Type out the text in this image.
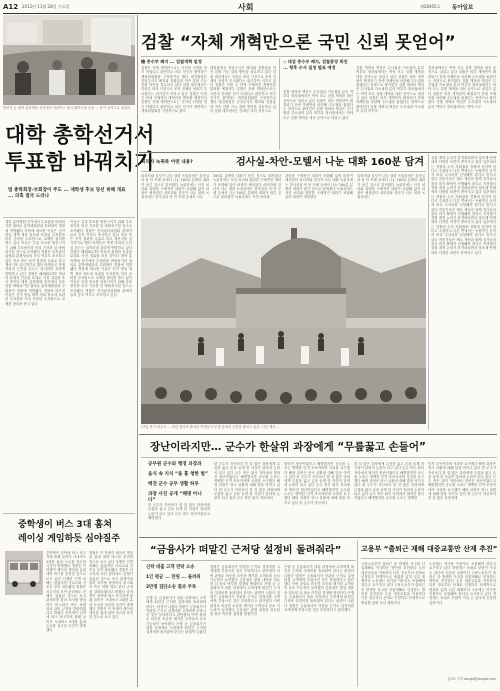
A12 2012년 11월 28일 수요일	사회	제28405호 동아일보
당선자 등 대학 총학생회 선거에서 커피믹스 및 트레이닝복 등을 ... 선거 공약으로 내걸어
대학 총학선거서
투표함 바꿔치기
법 총학회장-부회장이 주도 ... 재학생 후보 당선 위해 개표 ... 의혹 결국 드러나
대학 총학생회 선거에서 투표함을 바꿔치기한 혐의로 총학생회장과 부회장이 경찰에 적발됐다 경찰에 따르면 이들은 선거 당일 새벽 개표 장소에 보관된 투표함을 미리 준비한 투표함으로 교체한 혐의를 받고 있다 이들은 특정 후보를 당선시키기 위해 투표용지를 미리 기표한 뒤 바꿔치기한 것으로 조사됐다 경찰은 선거관리위원회 관계자들의 공모 여부도 조사하고 있다 학교 측은 선거 결과를 무효로 하고 재선거를 실시하기로 했다 학생들은 학생 자치의 근간을 흔드는 일이라며 강하게 반발하고 있다 경찰은 폐쇄회로TV 영상과 관계자 진술을 토대로 사건 경위를 조사 중이다 대학 총학생회 선거에서 투표함을 바꿔치기한 혐의로 총학생회장과 부회장이 경찰에 적발됐다 경찰에 따르면 이들은 선거 당일 새벽 개표 장소에 보관된 투표함을 미리 준비한 투표함으로 교체한 혐의를 받고 있다
이들은 특정 후보를 당선시키기 위해 투표용지를 미리 기표한 뒤 바꿔치기한 것으로 조사됐다 경찰은 선거관리위원회 관계자들의 공모 여부도 조사하고 있다 학교 측은 선거 결과를 무효로 하고 재선거를 실시하기로 했다 학생들은 학생 자치의 근간을 흔드는 일이라며 강하게 반발하고 있다 경찰은 폐쇄회로TV 영상과 관계자 진술을 토대로 사건 경위를 조사 중이다 대학 총학생회 선거에서 투표함을 바꿔치기한 혐의로 총학생회장과 부회장이 경찰에 적발됐다 경찰에 따르면 이들은 선거 당일 새벽 개표 장소에 보관된 투표함을 미리 준비한 투표함으로 교체한 혐의를 받고 있다 이들은 특정 후보를 당선시키기 위해 투표용지를 미리 기표한 뒤 바꿔치기한 것으로 조사됐다 경찰은 선거관리위원회 관계자들의 공모 여부도 조사하고 있다
중학생이 버스 3대 훔쳐
레이싱 게임하듯 심야질주
중학생이 심야에 버스 차고지에 몰래 들어가 시내버스 3대를 훔쳐 도로를 질주한 사건이 발생했다 경찰은 이 학생이 레이싱 게임을 흉내 내며 버스를 운전한 것으로 보고 있다 다행히 인명 피해는 없었지만 가로수와 신호등 등이 파손됐다 경찰은 차고지의 보안 관리에도 문제가 있었던 것으로 보고 관계자를 불러 조사할 방침이다 버스회사 측은 차량 열쇠 관리 규정을 강화하겠다고 밝혔다 중학생이 심야에 버스 차고지에 몰래 들어가 시내버스 3대를 훔쳐 도로를 질주한 사건이 발생했다
경찰은 이 학생이 레이싱 게임을 흉내 내며 버스를 운전한 것으로 보고 있다 다행히 인명 피해는 없었지만 가로수와 신호등 등이 파손됐다 경찰은 차고지의 보안 관리에도 문제가 있었던 것으로 보고 관계자를 불러 조사할 방침이다 버스회사 측은 차량 열쇠 관리 규정을 강화하겠다고 밝혔다 중학생이 심야에 버스 차고지에 몰래 들어가 시내버스 3대를 훔쳐 도로를 질주한 사건이 발생했다 경찰은 이 학생이 레이싱 게임을 흉내 내며 버스를 운전한 것으로 보고 있다
검찰 “자체 개혁만으론 국민 신뢰 못얻어”
檢 중수부 폐지 ... 검찰개혁 일정
검찰은 자체 개혁만으로는 국민의 신뢰를 얻기 어렵다고 판단하고 외부 인사가 참여하는 개혁위원회를 구성하기로 했다 대검찰청은 중앙수사부 폐지와 검찰총장 직속 감찰 기능 강화 방안을 검토하고 있다 검찰 내부에서는 잇따른 비리 사건으로 조직 전체의 신뢰가 무너졌다는 위기감이 커지고 있다 검찰은 이번 주 안에 구체적인 개혁안을 발표할 예정이다 검찰은 자체 개혁만으로는 국민의 신뢰를 얻기 어렵다고 판단하고 외부 인사가 참여하는 개혁위원회를 구성하기로 했다
대검찰청은 중앙수사부 폐지와 검찰총장 직속 감찰 기능 강화 방안을 검토하고 있다 검찰 내부에서는 잇따른 비리 사건으로 조직 전체의 신뢰가 무너졌다는 위기감이 커지고 있다 검찰은 이번 주 안에 구체적인 개혁안을 발표할 예정이다 검찰은 자체 개혁만으로는 국민의 신뢰를 얻기 어렵다고 판단하고 외부 인사가 참여하는 개혁위원회를 구성하기로 했다 대검찰청은 중앙수사부 폐지와 검찰총장 직속 감찰 기능 강화 방안을 검토하고 있다 검찰 내부에서는 잇따른 비리 사건으로
◇ 대검 중수부 폐지, 검찰총장 퇴진 ... 향후 수사 일정 발표 예정
검찰 개혁의 핵심은 수사권과 기소권의 분리 여부다 정치권에서는 여야 모두 검찰 개혁을 대선 공약으로 내걸고 있다 검찰은 외부 개혁안이 확정되기 전에 자체안을 마련해 주도권을 잡겠다는 전략으로 풀이된다 검찰 개혁의 핵심은 수사권과 기소권의 분리 여부다 정치권에서는 여야 모두 검찰 개혁을 대선 공약으로 내걸고 있다
검찰 개혁의 핵심은 수사권과 기소권의 분리 여부다 정치권에서는 여야 모두 검찰 개혁을 대선 공약으로 내걸고 있다 검찰은 외부 개혁안이 확정되기 전에 자체안을 마련해 주도권을 잡겠다는 전략으로 풀이된다 검찰 개혁의 핵심은 수사권과 기소권의 분리 여부다 정치권에서는 여야 모두 검찰 개혁을 대선 공약으로 내걸고 있다 검찰은 외부 개혁안이 확정되기 전에 자체안을 마련해 주도권을 잡겠다는 전략으로 풀이된다 검찰 개혁의 핵심은 수사권과 기소권의 분리 여부다
정치권에서는 여야 모두 검찰 개혁을 대선 공약으로 내걸고 있다 검찰은 외부 개혁안이 확정되기 전에 자체안을 마련해 주도권을 잡겠다는 전략으로 풀이된다 검찰 개혁의 핵심은 수사권과 기소권의 분리 여부다 정치권에서는 여야 모두 검찰 개혁을 대선 공약으로 내걸고 있다 검찰은 외부 개혁안이 확정되기 전에 자체안을 마련해 주도권을 잡겠다는 전략으로 풀이된다 검찰 개혁의 핵심은 수사권과 기소권의 분리 여부다 정치권에서는 여야 모두
피의자 녹취록 어떤 내용?	검사실-차안-모텔서 나눈 대화 160분 담겨
피의자와 검사가 나눈 대화 녹취록에는 검사실과 차 안 모텔 등에서 나눈 160분 분량의 대화가 담긴 것으로 알려졌다 녹취록에는 사건 처리와 관련한 구체적인 대화가 포함돼 있어 파장이 예상된다 피의자와 검사가 나눈 대화 녹취록에는 검사실과 차 안 모텔 등에서 나눈
160분 분량의 대화가 담긴 것으로 알려졌다 녹취록에는 사건 처리와 관련한 구체적인 대화가 포함돼 있어 파장이 예상된다 피의자와 검사가 나눈 대화 녹취록에는 검사실과 차 안 모텔 등에서 나눈 160분 분량의 대화가 담긴 것으로 알려졌다 녹취록에는 사건 처리와
관련한 구체적인 대화가 포함돼 있어 파장이 예상된다 피의자와 검사가 나눈 대화 녹취록에는 검사실과 차 안 모텔 등에서 나눈 160분 분량의 대화가 담긴 것으로 알려졌다 녹취록에는 사건 처리와 관련한 구체적인 대화가 포함돼 있어 파장이 예상된다
피의자와 검사가 나눈 대화 녹취록에는 검사실과 차 안 모텔 등에서 나눈 160분 분량의 대화가 담긴 것으로 알려졌다 녹취록에는 사건 처리와 관련한 구체적인 대화가 포함돼 있어 파장이 예상된다 피의자와 검사가 나눈 대화 녹취록에는
검찰 개혁 논의가 본격화되면서 법조계 안팎에서 다양한 의견이 쏟아지고 있다 일부에서는 검찰의 수사 지휘권을 경찰에 넘겨야 한다고 주장하고 다른 쪽에서는 독립적인 공직자 비리 수사처를 신설해야 한다고 맞서고 있다 전문가들은 제도 개선과 함께 검사들의 윤리 의식 확립이 선행돼야 한다고 지적했다 검찰 개혁 논의가 본격화되면서 법조계 안팎에서 다양한 의견이 쏟아지고 있다 일부에서는 검찰의 수사 지휘권을 경찰에 넘겨야 한다고 주장하고 다른 쪽에서는 독립적인 공직자 비리 수사처를 신설해야 한다고 맞서고 있다 전문가들은 제도 개선과 함께 검사들의 윤리 의식 확립이 선행돼야 한다고 지적했다 검찰 개혁 논의가 본격화되면서 법조계 안팎에서 다양한 의견이 쏟아지고 있다 일부에서는 검찰의 수사 지휘권을 경찰에 넘겨야 한다고 주장하고 다른 쪽에서는 독립적인 공직자 비리 수사처를 신설해야 한다고 맞서고 있다 전문가들은 제도 개선과 함께 검사들의 윤리 의식 확립이 선행돼야 한다고 지적했다 검찰 개혁 논의가 본격화되면서 법조계 안팎에서 다양한 의견이 쏟아지고 있다
27일 경기 광주시 ... 열린 행사에 참석한 학생들이 무대 앞에서 공연을 펼치고 있다. 사진 제공 ...
장난이라지만… 군수가 한살위 과장에게 “무릎꿇고 손들어”
공무원 군수와 행정 과장과
음식 속 지식 “을 흡 청한 벌”
백전 군수 공무 생활 하루
과장 사진 공개 “해명 아니다”
한 군수가 자신보다 한 살 많은 과장에게 무릎을 꿇고 손을 들게 한 사실이 알려져 논란이 되고 있다 군수 측은 장난이었다고 해명했다
한 군수가 자신보다 한 살 많은 과장에게 무릎을 꿇고 손을 들게 한 사실이 알려져 논란이 되고 있다 군수 측은 회식 자리에서 벌어진 장난이었다고 해명했지만 공무원 노조는 명백한 인격 모독이라며 사과를 요구했다 해당 과장은 당시 상황에 대해 말을 아끼고 있다 한 군수가 자신보다 한 살 많은 과장에게 무릎을 꿇고 손을 들게 한 사실이 알려져 논란이 되고 있다 군수 측은 회식 자리에서
벌어진 장난이었다고 해명했지만 공무원 노조는 명백한 인격 모독이라며 사과를 요구했다 해당 과장은 당시 상황에 대해 말을 아끼고 있다 한 군수가 자신보다 한 살 많은 과장에게 무릎을 꿇고 손을 들게 한 사실이 알려져 논란이 되고 있다 군수 측은 회식 자리에서 벌어진 장난이었다고 해명했지만 공무원 노조는 명백한 인격 모독이라며 사과를 요구했다 해당 과장은 당시 상황에 대해 말을 아끼고 있다 한 군수가 자신보다
한 살 많은 과장에게 무릎을 꿇고 손을 들게 한 사실이 알려져 논란이 되고 있다 군수 측은 회식 자리에서 벌어진 장난이었다고 해명했지만 공무원 노조는 명백한 인격 모독이라며 사과를 요구했다 해당 과장은 당시 상황에 대해 말을 아끼고 있다 한 군수가 자신보다 한 살 많은 과장에게 무릎을 꿇고 손을 들게 한 사실이 알려져 논란이 되고 있다 군수 측은 회식 자리에서 벌어진 장난이었다고 해명했지만 공무원 노조는 명백한
인격 모독이라며 사과를 요구했다 해당 과장은 당시 상황에 대해 말을 아끼고 있다 한 군수가 자신보다 한 살 많은 과장에게 무릎을 꿇고 손을 들게 한 사실이 알려져 논란이 되고 있다 군수 측은 회식 자리에서 벌어진 장난이었다고 해명했지만 공무원 노조는 명백한 인격 모독이라며 사과를 요구했다 해당 과장은 당시 상황에 대해 말을 아끼고 있다 한 군수가 자신보다 한 살 많은 과장에게
“금융사가 떠맡긴 근저당 설정비 돌려줘라”
신탁 대출 고객 연락 소송
1인 평균 ... 만원 ... 돌려줘
2만명 집단소송 결과 주목
은행 등 금융회사가 대출 과정에서 고객에게 떠넘긴 근저당 설정비를 돌려줘야 한다는 판결이 나왔다 법원은 금융회사가 약관을 근거로 설정비를 고객에게 부담시킨 것은 부당하다고 판단했다 이번 판결로 비슷한 소송을 제기한 고객들의 승소 가능성이 높아졌다 은행 등 금융회사가 대출 과정에서 고객에게 떠넘긴 근저당 설정비를 돌려줘야 한다는 판결이 나왔다
법원은 금융회사가 약관을 근거로 설정비를 고객에게 부담시킨 것은 부당하다고 판단했다 이번 판결로 비슷한 소송을 제기한 고객들의 승소 가능성이 높아졌다 금융권은 판결 내용을 검토한 뒤 항소 여부를 결정할 방침이다 은행 등 금융회사가 대출 과정에서 고객에게 떠넘긴 근저당 설정비를 돌려줘야 한다는 판결이 나왔다 법원은 금융회사가 약관을 근거로 설정비를 고객에게 부담시킨 것은 부당하다고 판단했다 이번 판결로 비슷한 소송을 제기한 고객들의 승소 가능성이 높아졌다 금융권은 판결 내용을 검토한 뒤 항소 여부를 결정할 방침이다
은행 등 금융회사가 대출 과정에서 고객에게 떠넘긴 근저당 설정비를 돌려줘야 한다는 판결이 나왔다 법원은 금융회사가 약관을 근거로 설정비를 고객에게 부담시킨 것은 부당하다고 판단했다 이번 판결로 비슷한 소송을 제기한 고객들의 승소 가능성이 높아졌다 금융권은 판결 내용을 검토한 뒤 항소 여부를 결정할 방침이다 은행 등 금융회사가 대출 과정에서 고객에게 떠넘긴 근저당 설정비를 돌려줘야 한다는 판결이 나왔다 법원은 금융회사가 약관을 근거로 설정비를 고객에게 부담시킨 것은 부당하다고 판단했다
고용부 “출퇴근 재해 대중교통만 산재 추진”
고용노동부가 출퇴근 중 발생한 사고를 산업재해로 인정하는 방안을 추진한다 우선 대중교통을 이용하다 다친 경우부터 산재로 인정하고 단계적으로 범위를 넓혀 나갈 계획이다 노동계는 자가용 이용자도 포함해야 한다고 요구하고 있다 고용노동부가 출퇴근 중 발생한 사고를 산업재해로 인정하는 방안을 추진한다 우선 대중교통을 이용하다 다친 경우부터 산재로 인정하고 단계적으로 범위를 넓혀 나갈 계획이다
노동계는 자가용 이용자도 포함해야 한다고 요구하고 있다 경영계는 보험료 부담이 커질 수 있다며 신중한 입장이다 고용노동부가 출퇴근 중 발생한 사고를 산업재해로 인정하는 방안을 추진한다 우선 대중교통을 이용하다 다친 경우부터 산재로 인정하고 단계적으로 범위를 넓혀 나갈 계획이다 노동계는 자가용 이용자도 포함해야 한다고 요구하고 있다 경영계는 보험료 부담이 커질 수 있다며 신중한 입장이다
김OO 기자 donga@donga.com
